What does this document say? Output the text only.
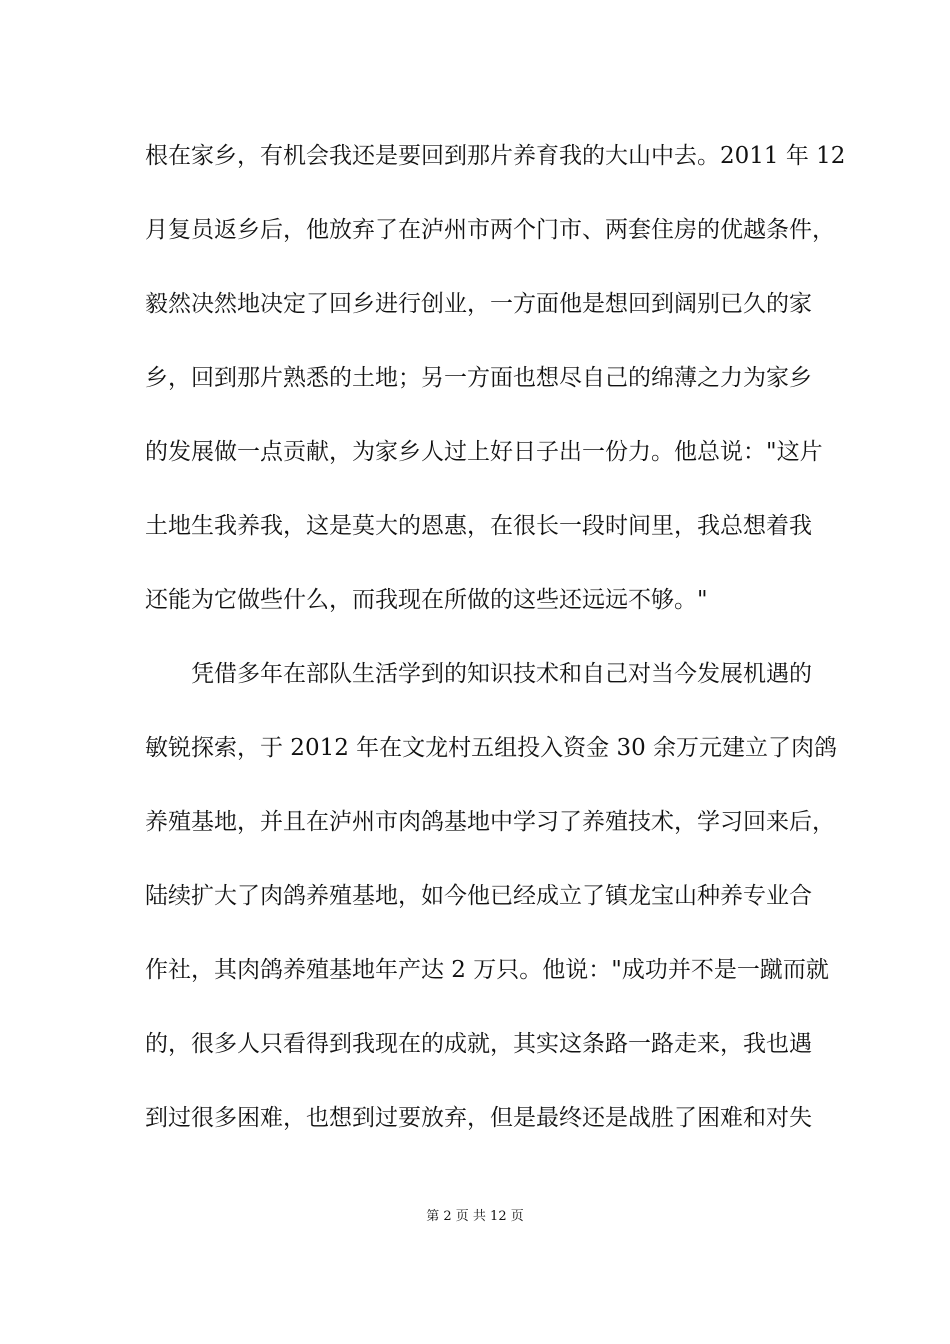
根在家乡，有机会我还是要回到那片养育我的大山中去。2011 年 12
月复员返乡后，他放弃了在泸州市两个门市、两套住房的优越条件，
毅然决然地决定了回乡进行创业，一方面他是想回到阔别已久的家
乡，回到那片熟悉的土地；另一方面也想尽自己的绵薄之力为家乡
的发展做一点贡献，为家乡人过上好日子出一份力。他总说："这片
土地生我养我，这是莫大的恩惠，在很长一段时间里，我总想着我
还能为它做些什么，而我现在所做的这些还远远不够。"
凭借多年在部队生活学到的知识技术和自己对当今发展机遇的
敏锐探索，于 2012 年在文龙村五组投入资金 30 余万元建立了肉鸽
养殖基地，并且在泸州市肉鸽基地中学习了养殖技术，学习回来后，
陆续扩大了肉鸽养殖基地，如今他已经成立了镇龙宝山种养专业合
作社，其肉鸽养殖基地年产达 2 万只。他说："成功并不是一蹴而就
的，很多人只看得到我现在的成就，其实这条路一路走来，我也遇
到过很多困难，也想到过要放弃，但是最终还是战胜了困难和对失
第 2 页 共 12 页
